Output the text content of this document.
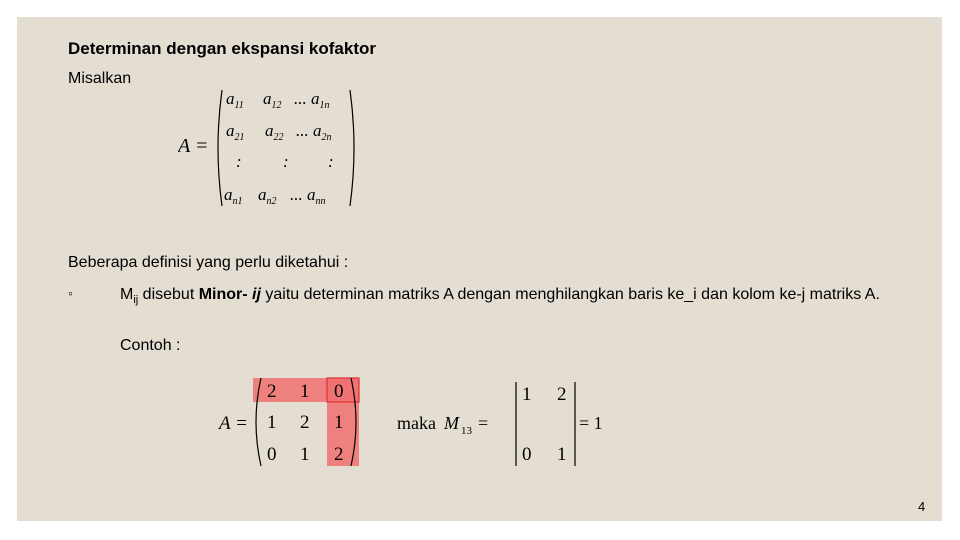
Determinan dengan ekspansi kofaktor
Misalkan
A =
$a_{11}$ $a_{12}$ ... $a_{1n}$
$a_{21}$ $a_{22}$ ... $a_{2n}$
: : :
$a_{n1}$ $a_{n2}$ ... $a_{nn}$
Beberapa definisi yang perlu diketahui :
◦	$M_{ij}$ disebut Minor- ij yaitu determinan matriks A dengan menghilangkan baris ke_i dan kolom ke-j matriks A.
Contoh :
A =
2 1 0
1 2 1
0 1 2
maka M 13 =
1 2
0 1
= 1
4
